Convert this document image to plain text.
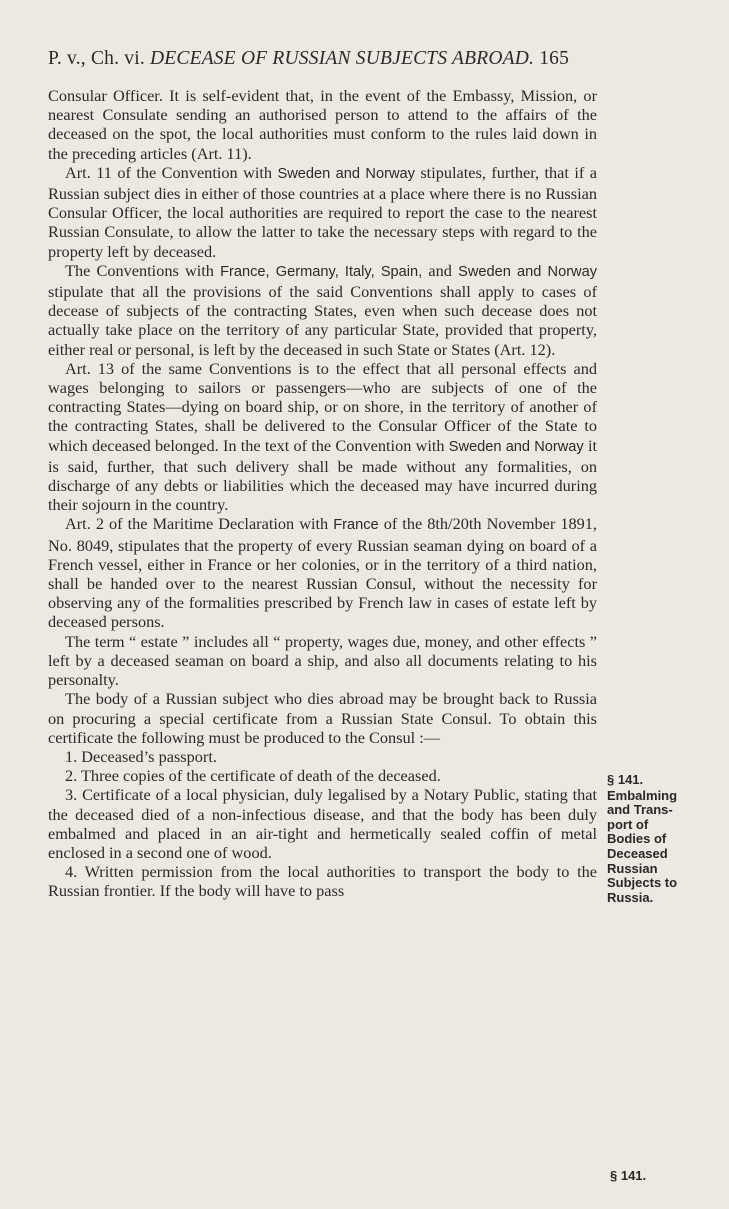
P. v., Ch. vi. DECEASE OF RUSSIAN SUBJECTS ABROAD. 165

Consular Officer. It is self-evident that, in the event of the Embassy, Mission, or nearest Consulate sending an authorised person to attend to the affairs of the deceased on the spot, the local authorities must conform to the rules laid down in the preceding articles (Art. 11).

Art. 11 of the Convention with Sweden and Norway stipulates, further, that if a Russian subject dies in either of those countries at a place where there is no Russian Consular Officer, the local authorities are required to report the case to the nearest Russian Consulate, to allow the latter to take the necessary steps with regard to the property left by deceased.

The Conventions with France, Germany, Italy, Spain, and Sweden and Norway stipulate that all the provisions of the said Conventions shall apply to cases of decease of subjects of the contracting States, even when such decease does not actually take place on the territory of any particular State, provided that property, either real or personal, is left by the deceased in such State or States (Art. 12).

Art. 13 of the same Conventions is to the effect that all personal effects and wages belonging to sailors or passengers—who are subjects of one of the contracting States—dying on board ship, or on shore, in the territory of another of the contracting States, shall be delivered to the Consular Officer of the State to which deceased belonged. In the text of the Convention with Sweden and Norway it is said, further, that such delivery shall be made without any formalities, on discharge of any debts or liabilities which the deceased may have incurred during their sojourn in the country.

Art. 2 of the Maritime Declaration with France of the 8th/20th November 1891, No. 8049, stipulates that the property of every Russian seaman dying on board of a French vessel, either in France or her colonies, or in the territory of a third nation, shall be handed over to the nearest Russian Consul, without the necessity for observing any of the formalities prescribed by French law in cases of estate left by deceased persons.

The term “ estate ” includes all “ property, wages due, money, and other effects ” left by a deceased seaman on board a ship, and also all documents relating to his personalty.

The body of a Russian subject who dies abroad may be brought back to Russia on procuring a special certificate from a Russian State Consul. To obtain this certificate the following must be produced to the Consul :—

1. Deceased’s passport.

2. Three copies of the certificate of death of the deceased.

3. Certificate of a local physician, duly legalised by a Notary Public, stating that the deceased died of a non-infectious disease, and that the body has been duly embalmed and placed in an air-tight and hermetically sealed coffin of metal enclosed in a second one of wood.

4. Written permission from the local authorities to transport the body to the Russian frontier. If the body will have to pass

§ 141.
Embalming
and Trans-
port of
Bodies of
Deceased
Russian
Subjects to
Russia.
§ 141.
